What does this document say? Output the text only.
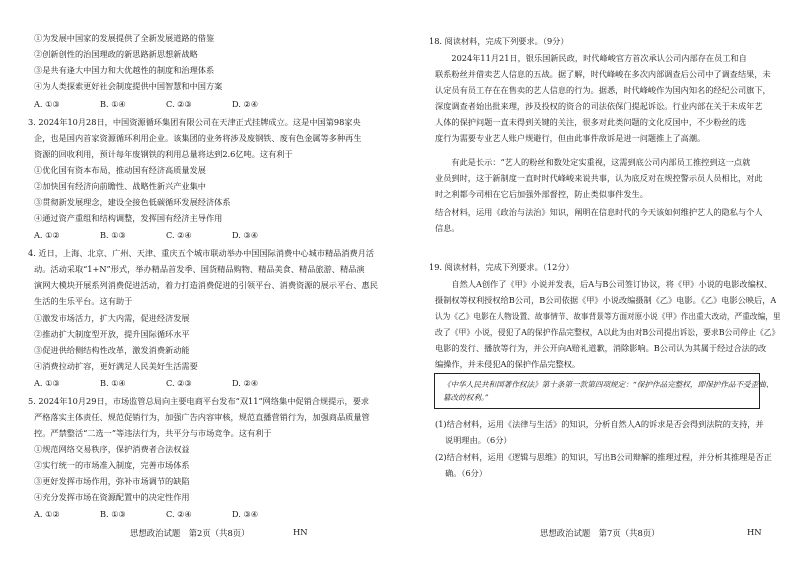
①为发展中国家的发展提供了全新发展道路的借鉴
②创新创性的治国理政的新思路新思想新战略
③是共有逢大中国力和大优越性的制度和治理体系
④为人类探索更好社会制度提供中国智慧和中国方案
A. ①③	B. ①④	C. ②③	D. ②④
3. 2024年10月28日，中国资源循环集团有限公司在天津正式挂牌成立。这是中国第98家央
企，也是国内首家资源循环利用企业。该集团的业务将涉及废钢铁、废有色金属等多种再生
资源的回收利用，预计每年废钢铁的利用总量将达到2.6亿吨。这有利于
①优化国有资本布局，推动国有经济高质量发展
②加快国有经济向前瞻性、战略性新兴产业集中
③贯彻新发展理念，建设全接色低碳循环发展经济体系
④通过资产重组和结构调整，发挥国有经济主导作用
A. ①②	B. ①③	C. ②④	D. ③④
4. 近日，上海、北京、广州、天津、重庆五个城市联动举办中国国际消费中心城市精品消费月活
动。活动采取“1+N”形式，举办精品首发季、国货精品购物、精品美食、精品旅游、精品演
演网大模块开展系列消费促进活动，着力打造消费促进的引领平台、消费资源的展示平台、惠民
生活的生乐平台。这有助于
①激发市场活力，扩大内需，促进经济发展
②推动扩大制度型开放，提升国际循环水平
③促进供给侧结构性改革，激发消费新动能
④消费拉动扩容，更好满足人民美好生活需要
A. ①③	B. ①④	C. ②③	D. ②④
5. 2024年10月29日，市场监管总局向主要电商平台发布“双11”网络集中促销合规提示，要求
严格落实主体责任、规范促销行为，加强广告内容审核，规范直播营销行为，加强商品质量管
控。严禁整活“二选一”等违法行为，共平分与市场竞争。这有利于
①规范网络交易秩序，保护消费者合法权益
②实行统一的市场准入制度，完善市场体系
③更好发挥市场作用，弥补市场调节的缺陷
④充分发挥市场在资源配置中的决定性作用
A. ①②	B. ①③	C. ②④	D. ③④
思想政治试题　第2页（共8页）	HN
18. 阅读材料，完成下列要求。（9分）
　　2024年11月21日，银乐国新民政，时代峰峻官方首次承认公司内部存在员工和自
联系粉丝并借卖艺人信息的五战。据了解，时代峰峻在多次内部调查后公司中了调查结果，未
认定员有员工存在在售卖的艺人信息的行为。据悉，时代峰峻作为国内知名的经纪公司旗下，
深度调查者始出批来理，涉及投权的资合的司法依保门提起诉讼。行业内部在关于未成年艺
人体的保护问题一直未得到关键的关注，很多对此类问题的文化反国中，不少粉丝的选
度行为需要专业艺人账户规避行，但由此事件敌诉是进一问题推上了高潮。
　　有此是长示：“艺人的粉丝和数处定实重视，这需到底公司内部员工推控到这一点就
业员到时，这于新制度一直时时代峰峻来说共事，认为底反对在规控警示员人员相比，对此
时之利都今司相在它后加强外部督控，防止类似事件发生。
结合材料，运用《政治与法治》知识，阐明在信息时代的今天该如何维护艺人的隐私与个人
信息。
19. 阅读材料，完成下列要求。（12分）
　　自然人A创作了《甲》小说并发表，后A与B公司签订协议，将《甲》小说的电影改编权、
摄制权等权利授权给B公司，B公司依据《甲》小说改编摄制《乙》电影。《乙》电影公映后，A
认为《乙》电影在人物设置、故事情节、故事背景等方面对原小说《甲》作出重大改动，严重改编，里
改了《甲》小说，侵犯了A的保护作品完整权，A以此为由对B公司提出诉讼，要求B公司停止《乙》
电影的发行、播放等行为，并公开向A赔礼道歉，消除影响。B公司认为其属于经过合法的改
编操作，并未侵犯A的保护作品完整权。
《中华人民共和国著作权法》第十条第一款第四项规定：“保护作品完整权，即保护作品不受歪曲、
篡改的权利。”
(1)结合材料，运用《法律与生活》的知识，分析自然人A的诉求是否会得到法院的支持，并
说明理由。（6分）
(2)结合材料，运用《逻辑与思维》的知识，写出B公司辩解的推理过程，并分析其推理是否正
确。（6分）
思想政治试题　第7页（共8页）	HN
